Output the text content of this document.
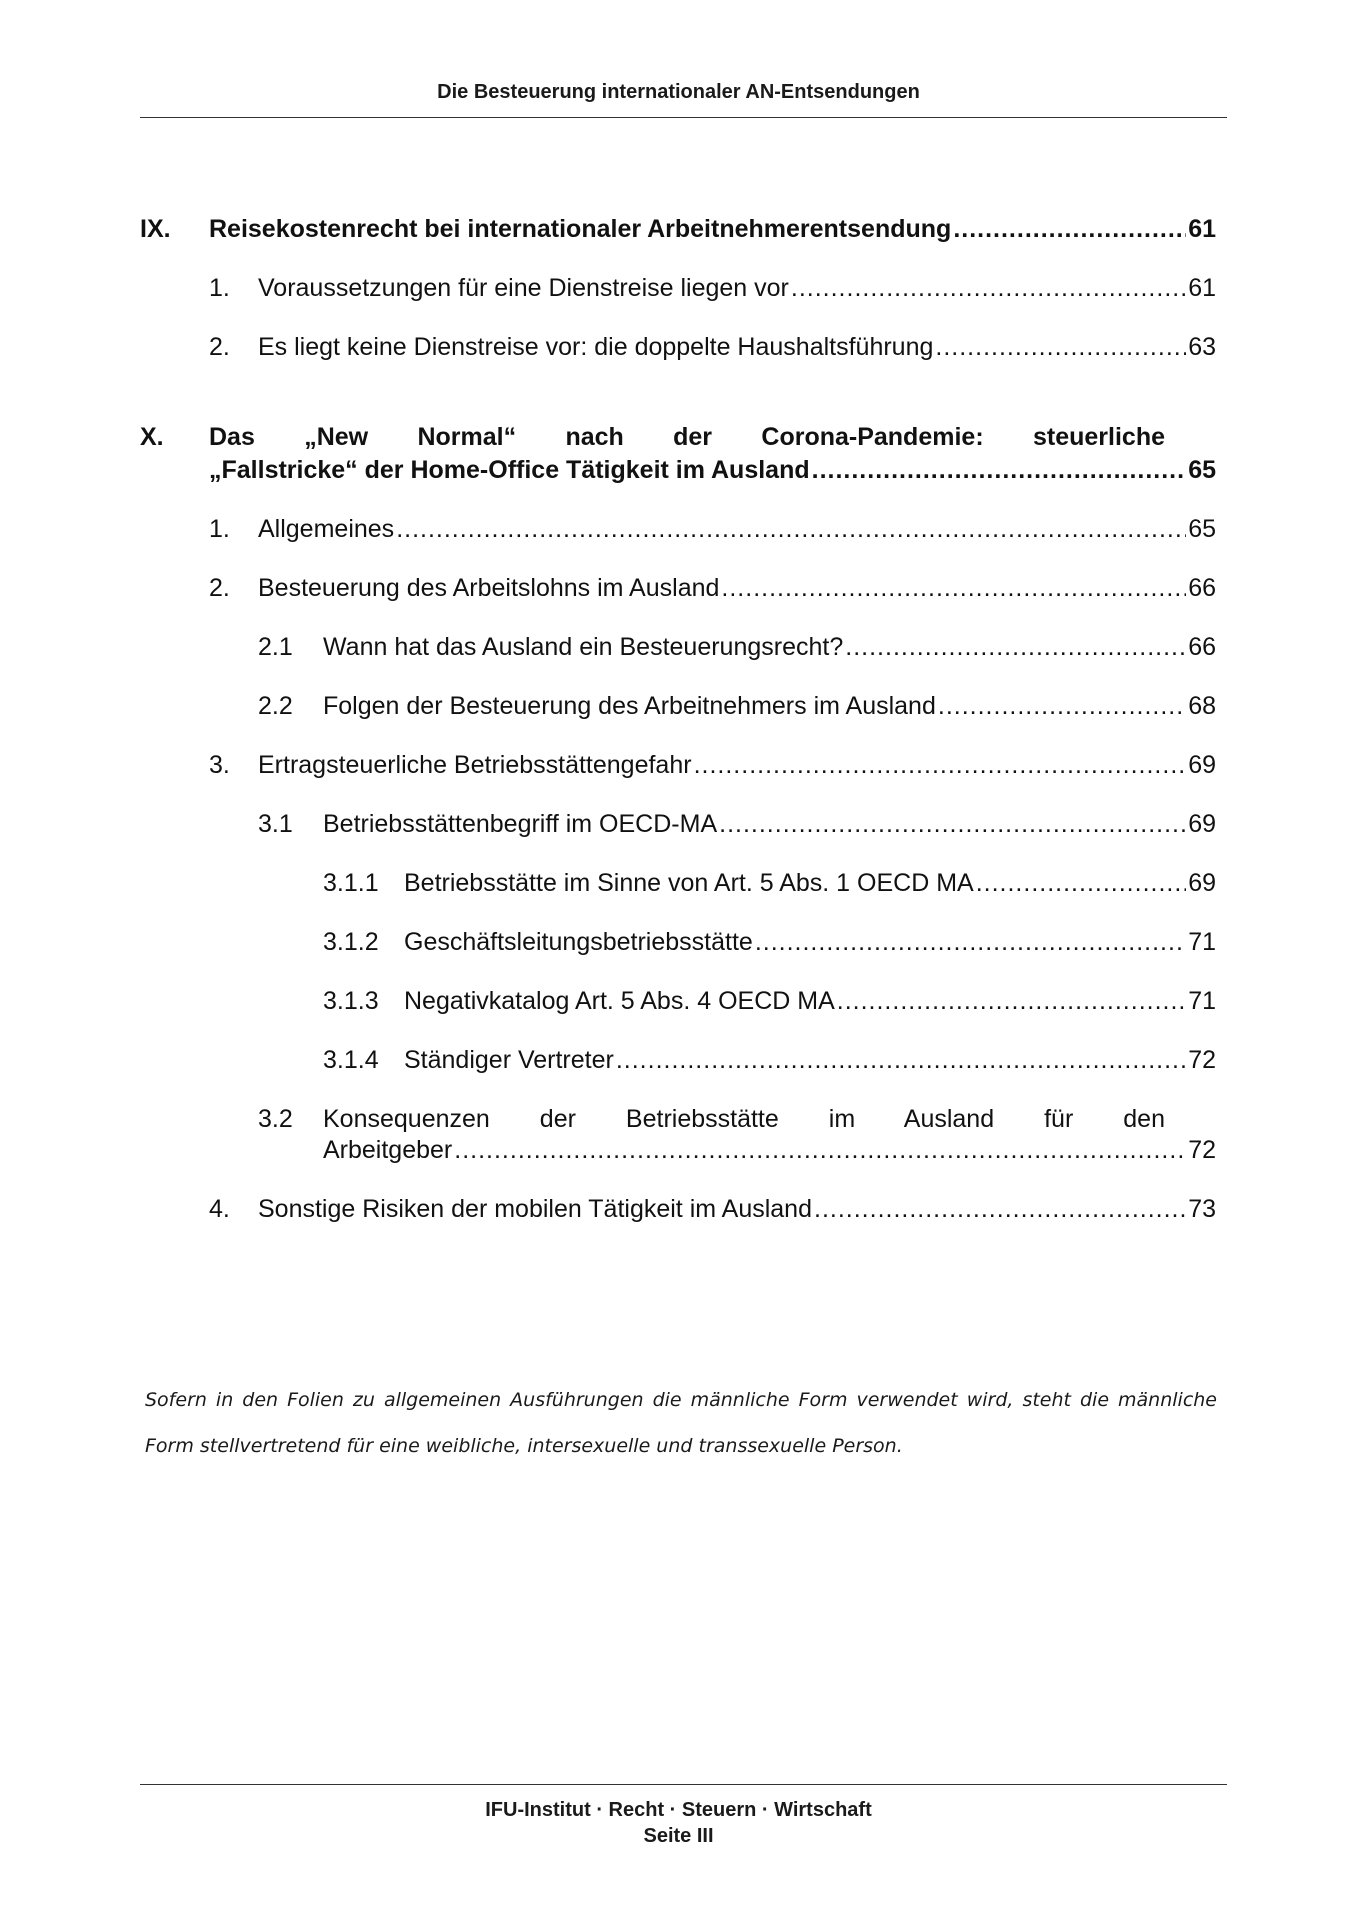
Die Besteuerung internationaler AN-Entsendungen
IX.	Reisekostenrecht bei internationaler Arbeitnehmerentsendung .....	61
1.	Voraussetzungen für eine Dienstreise liegen vor .....	61
2.	Es liegt keine Dienstreise vor: die doppelte Haushaltsführung .....	63
X. Das „New Normal“ nach der Corona-Pandemie: steuerliche
„Fallstricke“ der Home-Office Tätigkeit im Ausland .....	65
1.	Allgemeines .....	65
2.	Besteuerung des Arbeitslohns im Ausland .....	66
2.1	Wann hat das Ausland ein Besteuerungsrecht? .....	66
2.2	Folgen der Besteuerung des Arbeitnehmers im Ausland .....	68
3.	Ertragsteuerliche Betriebsstättengefahr .....	69
3.1	Betriebsstättenbegriff im OECD-MA .....	69
3.1.1	Betriebsstätte im Sinne von Art. 5 Abs. 1 OECD MA .....	69
3.1.2	Geschäftsleitungsbetriebsstätte .....	71
3.1.3	Negativkatalog Art. 5 Abs. 4 OECD MA .....	71
3.1.4	Ständiger Vertreter .....	72
3.2 Konsequenzen der Betriebsstätte im Ausland für den
Arbeitgeber .....	72
4.	Sonstige Risiken der mobilen Tätigkeit im Ausland .....	73
Sofern in den Folien zu allgemeinen Ausführungen die männliche Form verwendet wird, steht die männliche Form stellvertretend für eine weibliche, intersexuelle und transsexuelle Person.
IFU-Institut · Recht · Steuern · Wirtschaft
Seite III
